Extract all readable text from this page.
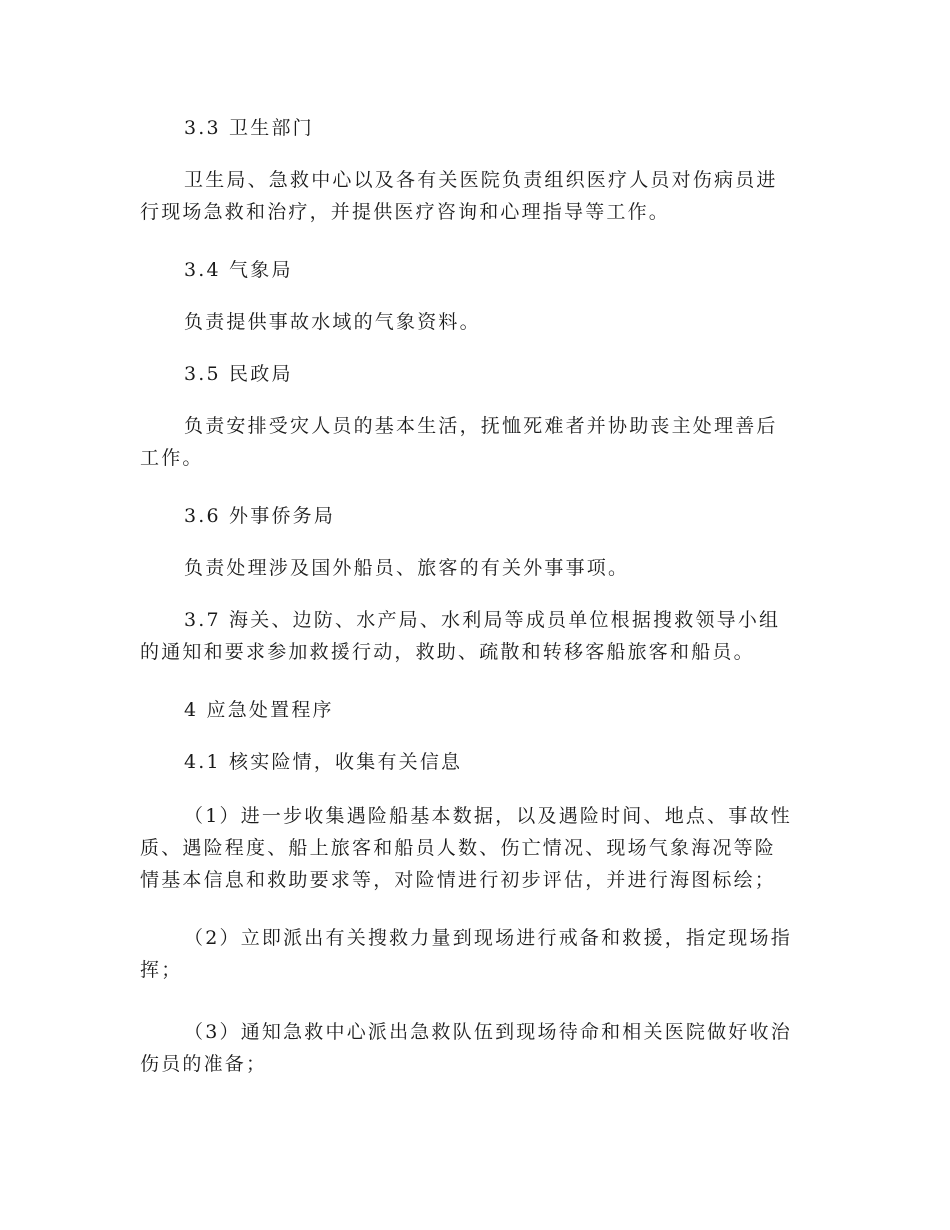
3.3 卫生部门

卫生局、急救中心以及各有关医院负责组织医疗人员对伤病员进
行现场急救和治疗，并提供医疗咨询和心理指导等工作。

3.4 气象局

负责提供事故水域的气象资料。

3.5 民政局

负责安排受灾人员的基本生活，抚恤死难者并协助丧主处理善后
工作。

3.6 外事侨务局

负责处理涉及国外船员、旅客的有关外事事项。

3.7 海关、边防、水产局、水利局等成员单位根据搜救领导小组
的通知和要求参加救援行动，救助、疏散和转移客船旅客和船员。

4 应急处置程序

4.1 核实险情，收集有关信息

（1）进一步收集遇险船基本数据，以及遇险时间、地点、事故性
质、遇险程度、船上旅客和船员人数、伤亡情况、现场气象海况等险
情基本信息和救助要求等，对险情进行初步评估，并进行海图标绘；

（2）立即派出有关搜救力量到现场进行戒备和救援，指定现场指
挥；

（3）通知急救中心派出急救队伍到现场待命和相关医院做好收治
伤员的准备；
